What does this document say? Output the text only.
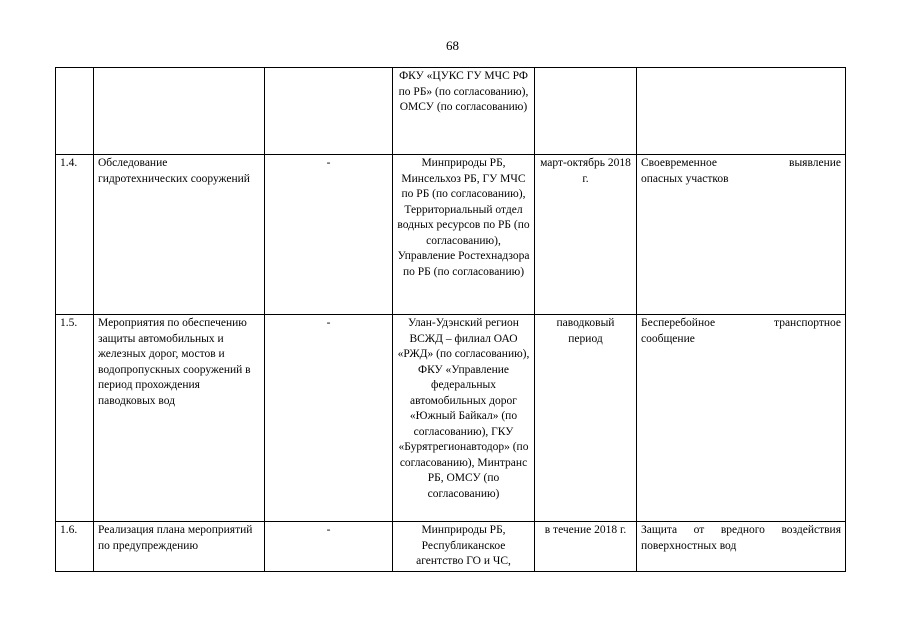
68
			ФКУ «ЦУКС ГУ МЧС РФ по РБ» (по согласованию), ОМСУ (по согласованию)		

1.4.	Обследование гидротехнических сооружений	-	Минприроды РБ, Минсельхоз РБ, ГУ МЧС по РБ (по согласованию), Территориальный отдел водных ресурсов по РБ (по согласованию), Управление Ростехнадзора по РБ (по согласованию)	март-октябрь 2018 г.	Своевременное выявление
опасных участков
1.5.	Мероприятия по обеспечению защиты автомобильных и железных дорог, мостов и водопропускных сооружений в период прохождения паводковых вод	-	Улан-Удэнский регион ВСЖД – филиал ОАО «РЖД» (по согласованию), ФКУ «Управление федеральных автомобильных дорог «Южный Байкал» (по согласованию), ГКУ «Бурятрегионавтодор» (по согласованию), Минтранс РБ, ОМСУ (по согласованию)	паводковый период	Бесперебойное транспортное
сообщение
1.6.	Реализация плана мероприятий по предупреждению	-	Минприроды РБ, Республиканское агентство ГО и ЧС,	в течение 2018 г.	Защита от вредного воздействия
поверхностных вод
